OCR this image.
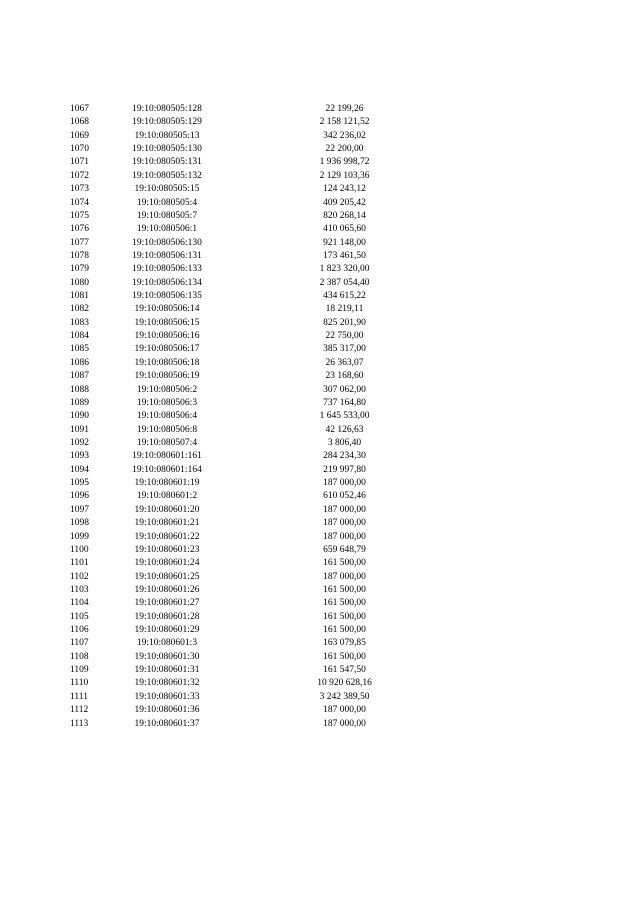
1067	19:10:080505:128	22 199,26	
1068	19:10:080505:129	2 158 121,52	
1069	19:10:080505:13	342 236,02	
1070	19:10:080505:130	22 200,00	
1071	19:10:080505:131	1 936 998,72	
1072	19:10:080505:132	2 129 103,36	
1073	19:10:080505:15	124 243,12	
1074	19:10:080505:4	409 205,42	
1075	19:10:080505:7	820 268,14	
1076	19:10:080506:1	410 065,60	
1077	19:10:080506:130	921 148,00	
1078	19:10:080506:131	173 461,50	
1079	19:10:080506:133	1 823 320,00	
1080	19:10:080506:134	2 387 054,40	
1081	19:10:080506:135	434 615,22	
1082	19:10:080506:14	18 219,11	
1083	19:10:080506:15	825 201,90	
1084	19:10:080506:16	22 750,00	
1085	19:10:080506:17	385 317,00	
1086	19:10:080506:18	26 363,07	
1087	19:10:080506:19	23 168,60	
1088	19:10:080506:2	307 062,00	
1089	19:10:080506:3	737 164,80	
1090	19:10:080506:4	1 645 533,00	
1091	19:10:080506:8	42 126,63	
1092	19:10:080507:4	3 806,40	
1093	19:10:080601:161	284 234,30	
1094	19:10:080601:164	219 997,80	
1095	19:10:080601:19	187 000,00	
1096	19:10:080601:2	610 052,46	
1097	19:10:080601:20	187 000,00	
1098	19:10:080601:21	187 000,00	
1099	19:10:080601:22	187 000,00	
1100	19:10:080601:23	659 648,79	
1101	19:10:080601:24	161 500,00	
1102	19:10:080601:25	187 000,00	
1103	19:10:080601:26	161 500,00	
1104	19:10:080601:27	161 500,00	
1105	19:10:080601:28	161 500,00	
1106	19:10:080601:29	161 500,00	
1107	19:10:080601:3	163 079,85	
1108	19:10:080601:30	161 500,00	
1109	19:10:080601:31	161 547,50	
1110	19:10:080601:32	10 920 628,16	
1111	19:10:080601:33	3 242 389,50	
1112	19:10:080601:36	187 000,00	
1113	19:10:080601:37	187 000,00	
